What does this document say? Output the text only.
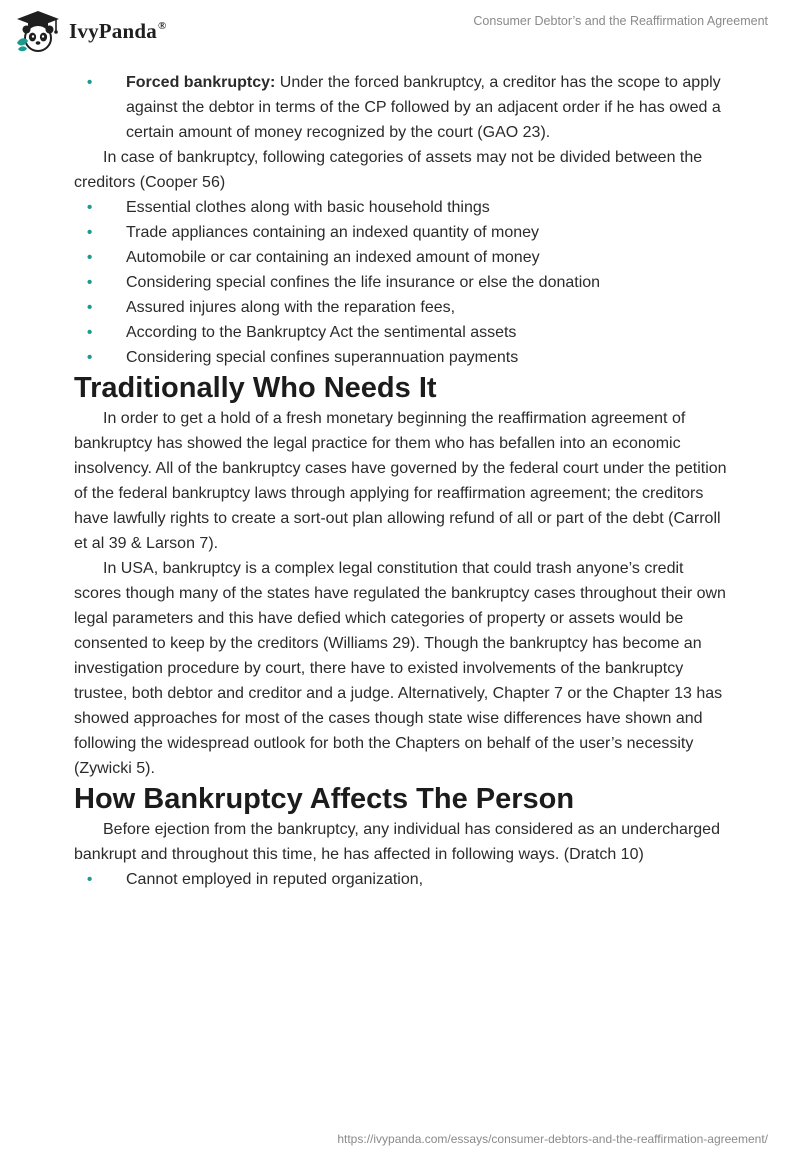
IvyPanda®	Consumer Debtor’s and the Reaffirmation Agreement
• Forced bankruptcy: Under the forced bankruptcy, a creditor has the scope to apply against the debtor in terms of the CP followed by an adjacent order if he has owed a certain amount of money recognized by the court (GAO 23).

In case of bankruptcy, following categories of assets may not be divided between the creditors (Cooper 56)

• Essential clothes along with basic household things
• Trade appliances containing an indexed quantity of money
• Automobile or car containing an indexed amount of money
• Considering special confines the life insurance or else the donation
• Assured injures along with the reparation fees,
• According to the Bankruptcy Act the sentimental assets
• Considering special confines superannuation payments
Traditionally Who Needs It

In order to get a hold of a fresh monetary beginning the reaffirmation agreement of bankruptcy has showed the legal practice for them who has befallen into an economic insolvency. All of the bankruptcy cases have governed by the federal court under the petition of the federal bankruptcy laws through applying for reaffirmation agreement; the creditors have lawfully rights to create a sort-out plan allowing refund of all or part of the debt (Carroll et al 39 & Larson 7).

In USA, bankruptcy is a complex legal constitution that could trash anyone’s credit scores though many of the states have regulated the bankruptcy cases throughout their own legal parameters and this have defied which categories of property or assets would be consented to keep by the creditors (Williams 29). Though the bankruptcy has become an investigation procedure by court, there have to existed involvements of the bankruptcy trustee, both debtor and creditor and a judge. Alternatively, Chapter 7 or the Chapter 13 has showed approaches for most of the cases though state wise differences have shown and following the widespread outlook for both the Chapters on behalf of the user’s necessity (Zywicki 5).

How Bankruptcy Affects The Person

Before ejection from the bankruptcy, any individual has considered as an undercharged bankrupt and throughout this time, he has affected in following ways. (Dratch 10)

• Cannot employed in reputed organization,
https://ivypanda.com/essays/consumer-debtors-and-the-reaffirmation-agreement/
